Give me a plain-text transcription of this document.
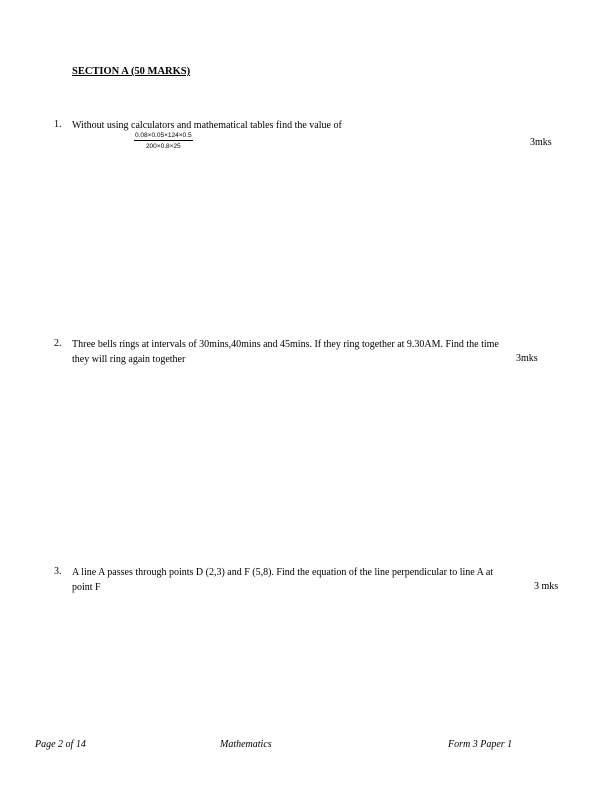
SECTION A (50 MARKS)
1. Without using calculators and mathematical tables find the value of
$\frac{0.08\times 0.05\times 124\times 0.5}{200\times 0.8\times 25}$	3mks
2. Three bells rings at intervals of 30mins,40mins and 45mins. If they ring together at 9.30AM. Find the time
they will ring again together	3mks
3. A line A passes through points D (2,3) and F (5,8). Find the equation of the line perpendicular to line A at
point F	3 mks
Page 2 of 14	Mathematics	Form 3 Paper 1
